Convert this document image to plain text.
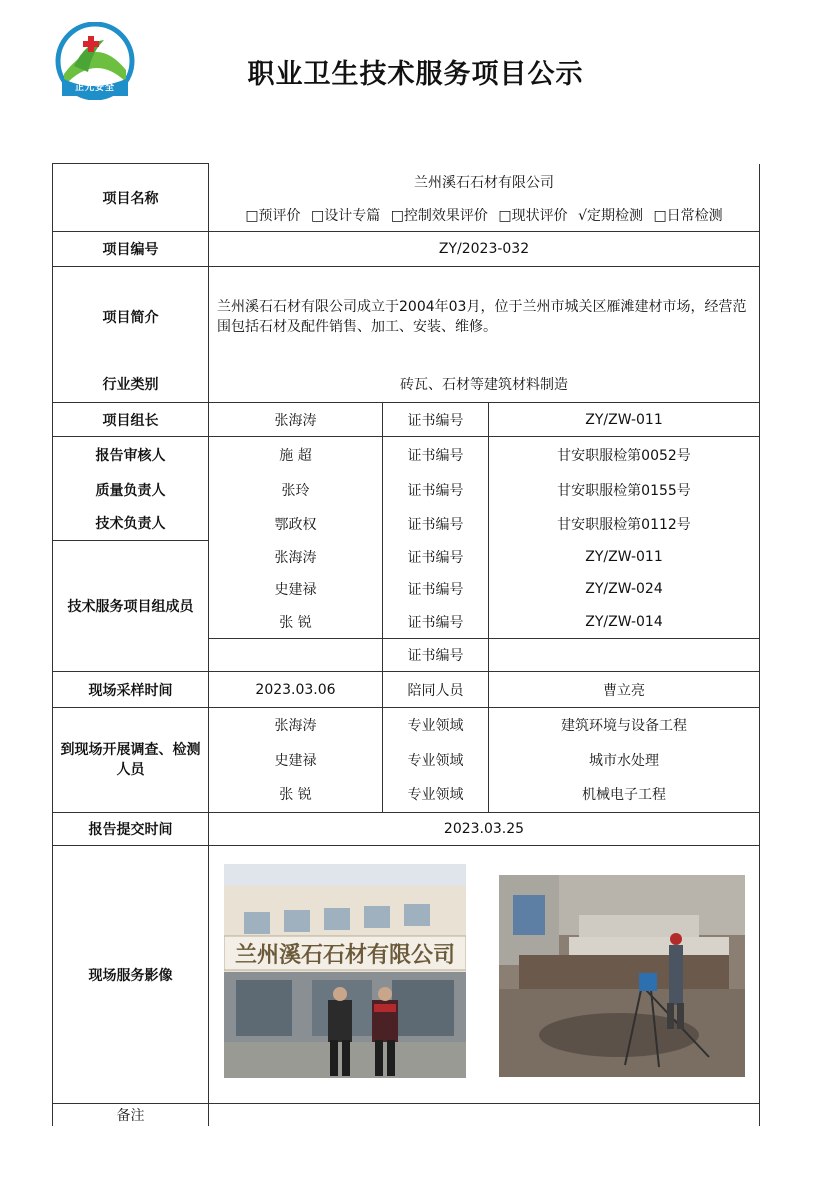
正元安全	职业卫生技术服务项目公示
项目名称	兰州溪石石材有限公司		
	□预评价 □设计专篇 □控制效果评价 □现状评价 √定期检测 □日常检测		
项目编号	ZY/2023-032		
项目简介	兰州溪石石材有限公司成立于2004年03月，位于兰州市城关区雁滩建材市场，经营范围包括石材及配件销售、加工、安装、维修。		
行业类别	砖瓦、石材等建筑材料制造		
项目组长	张海涛	证书编号	ZY/ZW-011
报告审核人	施 超	证书编号	甘安职服检第0052号
质量负责人	张玲	证书编号	甘安职服检第0155号
技术负责人	鄂政权	证书编号	甘安职服检第0112号
技术服务项目组成员	张海涛	证书编号	ZY/ZW-011
	史建禄	证书编号	ZY/ZW-024
	张 锐	证书编号	ZY/ZW-014
		证书编号	
现场采样时间	2023.03.06	陪同人员	曹立亮
到现场开展调查、检测人员	张海涛	专业领域	建筑环境与设备工程
	史建禄	专业领域	城市水处理
	张 锐	专业领域	机械电子工程
报告提交时间	2023.03.25		
现场服务影像			
备注			
兰州溪石石材有限公司
